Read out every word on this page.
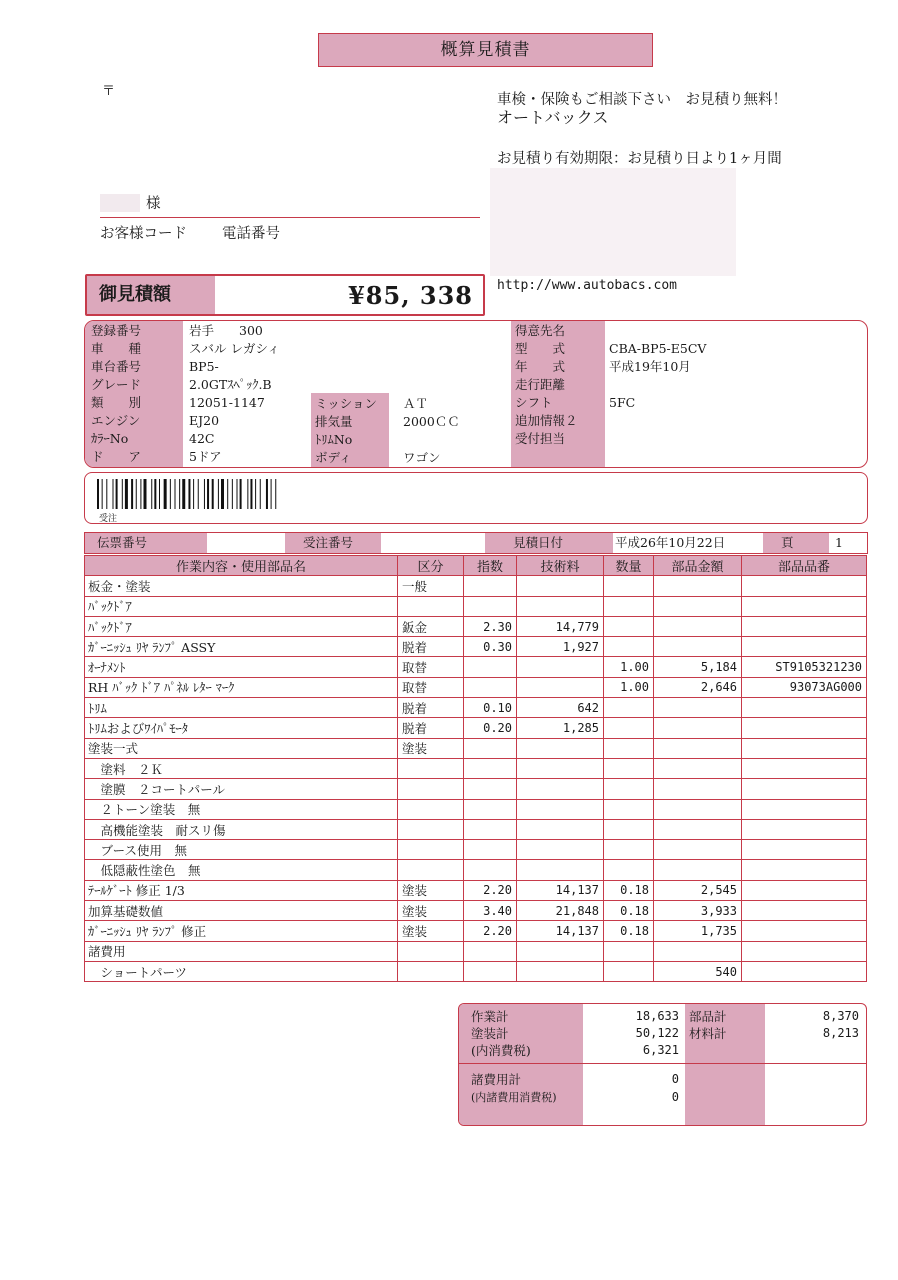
概算見積書
〒
様
お客様コード 電話番号
車検・保険もご相談下さい　お見積り無料！
オートバックス
お見積り有効期限：お見積り日より1ヶ月間
http://www.autobacs.com
御見積額	¥85, 338
登録番号	岩手　　300
車　　種	スバル レガシィ
車台番号	BP5-
グレード	2.0GTｽﾍﾟｯｸ.B
類　　別	12051-1147
エンジン	EJ20
ｶﾗｰNo	42C
ド　　ア	5ドア
ミッション ＡＴ
排気量	2000ＣＣ
ﾄﾘﾑNo
ボディ	ワゴン
得意先名
型　　式	CBA-BP5-E5CV
年　　式	平成19年10月
走行距離
シフト	5FC
追加情報２
受付担当
受注
伝票番号	受注番号	見積日付	平成26年10月22日	頁	1
作業内容・使用部品名	区分	指数	技術料	数量	部品金額	部品品番
板金・塗装	一般					
ﾊﾞｯｸﾄﾞｱ						
ﾊﾞｯｸﾄﾞｱ	鈑金	2.30	14,779			
ｶﾞｰﾆｯｼｭ ﾘﾔ ﾗﾝﾌﾟ ASSY	脱着	0.30	1,927			
ｵｰﾅﾒﾝﾄ	取替			1.00	5,184	ST9105321230
RH ﾊﾞｯｸ ﾄﾞｱ ﾊﾟﾈﾙ ﾚﾀｰ ﾏｰｸ	取替			1.00	2,646	93073AG000
ﾄﾘﾑ	脱着	0.10	642			
ﾄﾘﾑおよびﾜｲﾊﾟﾓｰﾀ	脱着	0.20	1,285			
塗装一式	塗装					
　塗料　２Ｋ						
　塗膜　２コートパール						
　２トーン塗装　無						
　高機能塗装　耐スリ傷						
　ブース使用　無						
　低隠蔽性塗色　無						
ﾃｰﾙｹﾞｰﾄ 修正 1/3	塗装	2.20	14,137	0.18	2,545	
加算基礎数値	塗装	3.40	21,848	0.18	3,933	
ｶﾞｰﾆｯｼｭ ﾘﾔ ﾗﾝﾌﾟ 修正	塗装	2.20	14,137	0.18	1,735	
諸費用						
　ショートパーツ					540	
作業計	18,633
塗装計	50,122
(内消費税)	6,321
部品計	8,370
材料計	8,213
諸費用計	0
(内諸費用消費税)	0
